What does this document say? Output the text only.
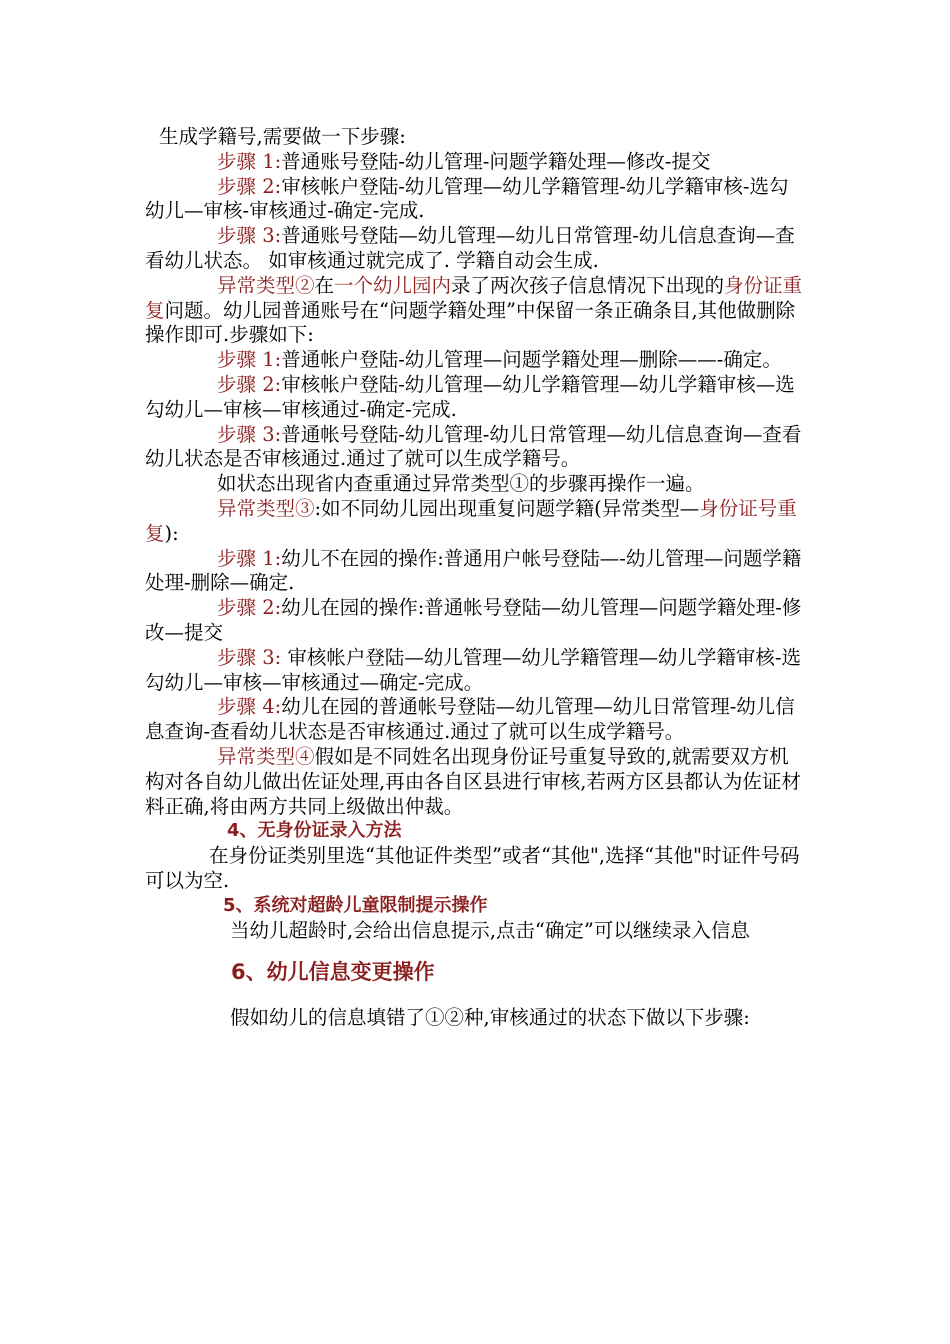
生成学籍号,需要做一下步骤:

步骤 1:普通账号登陆-幼儿管理-问题学籍处理—修改-提交

步骤 2:审核帐户登陆-幼儿管理—幼儿学籍管理-幼儿学籍审核-选勾幼儿—审核-审核通过-确定-完成.

步骤 3:普通账号登陆—幼儿管理—幼儿日常管理-幼儿信息查询—查看幼儿状态。 如审核通过就完成了. 学籍自动会生成.

异常类型②在一个幼儿园内录了两次孩子信息情况下出现的身份证重复问题。幼儿园普通账号在“问题学籍处理”中保留一条正确条目,其他做删除操作即可.步骤如下:

步骤 1:普通帐户登陆-幼儿管理—问题学籍处理—删除——-确定。

步骤 2:审核帐户登陆-幼儿管理—幼儿学籍管理—幼儿学籍审核—选勾幼儿—审核—审核通过-确定-完成.

步骤 3:普通帐号登陆-幼儿管理-幼儿日常管理—幼儿信息查询—查看幼儿状态是否审核通过.通过了就可以生成学籍号。

如状态出现省内查重通过异常类型①的步骤再操作一遍。

异常类型③:如不同幼儿园出现重复问题学籍(异常类型—身份证号重复):

步骤 1:幼儿不在园的操作:普通用户帐号登陆—-幼儿管理—问题学籍处理-删除—确定.

步骤 2:幼儿在园的操作:普通帐号登陆—幼儿管理—问题学籍处理-修改—提交

步骤 3: 审核帐户登陆—幼儿管理—幼儿学籍管理—幼儿学籍审核-选勾幼儿—审核—审核通过—确定-完成。

步骤 4:幼儿在园的普通帐号登陆—幼儿管理—幼儿日常管理-幼儿信息查询-查看幼儿状态是否审核通过.通过了就可以生成学籍号。

异常类型④假如是不同姓名出现身份证号重复导致的,就需要双方机构对各自幼儿做出佐证处理,再由各自区县进行审核,若两方区县都认为佐证材料正确,将由两方共同上级做出仲裁。

4、无身份证录入方法

在身份证类别里选“其他证件类型”或者“其他",选择“其他"时证件号码可以为空.

5、系统对超龄儿童限制提示操作

当幼儿超龄时,会给出信息提示,点击“确定”可以继续录入信息

6、幼儿信息变更操作

假如幼儿的信息填错了①②种,审核通过的状态下做以下步骤:
